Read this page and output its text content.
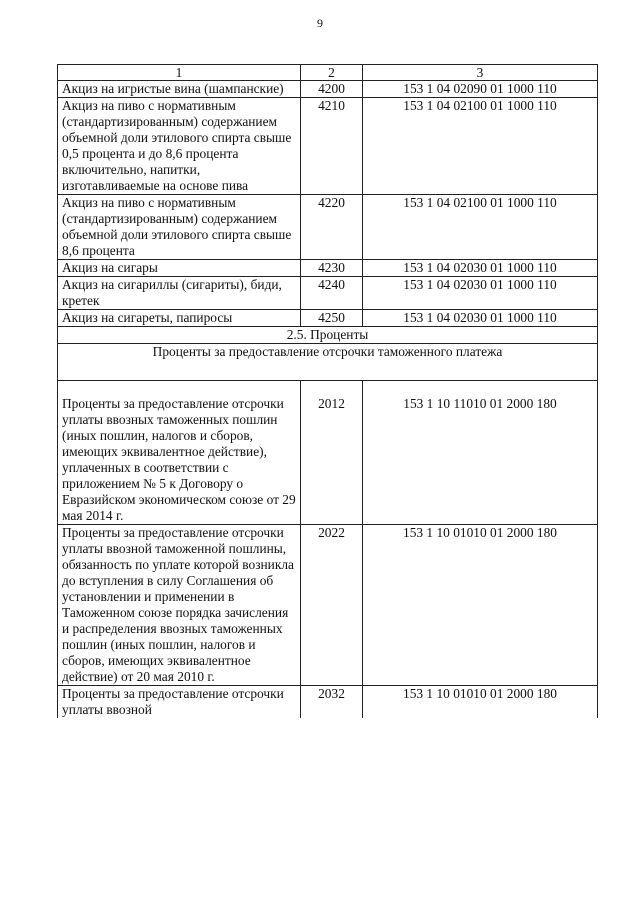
9
1	2	3
Акциз на игристые вина (шампанские)	4200	153 1 04 02090 01 1000 110
Акциз на пиво с нормативным (стандартизированным) содержанием объемной доли этилового спирта свыше 0,5 процента и до 8,6 процента включительно, напитки, изготавливаемые на основе пива	4210	153 1 04 02100 01 1000 110
Акциз на пиво с нормативным (стандартизированным) содержанием объемной доли этилового спирта свыше 8,6 процента	4220	153 1 04 02100 01 1000 110
Акциз на сигары	4230	153 1 04 02030 01 1000 110
Акциз на сигариллы (сигариты), биди, кретек	4240	153 1 04 02030 01 1000 110
Акциз на сигареты, папиросы	4250	153 1 04 02030 01 1000 110
2.5. Проценты		
Проценты за предоставление отсрочки таможенного платежа		
Проценты за предоставление отсрочки уплаты ввозных таможенных пошлин (иных пошлин, налогов и сборов, имеющих эквивалентное действие), уплаченных в соответствии с приложением № 5 к Договору о Евразийском экономическом союзе от 29 мая 2014 г.	2012	153 1 10 11010 01 2000 180
Проценты за предоставление отсрочки уплаты ввозной таможенной пошлины, обязанность по уплате которой возникла до вступления в силу Соглашения об установлении и применении в Таможенном союзе порядка зачисления и распределения ввозных таможенных пошлин (иных пошлин, налогов и сборов, имеющих эквивалентное действие) от 20 мая 2010 г.	2022	153 1 10 01010 01 2000 180
Проценты за предоставление отсрочки уплаты ввозной	2032	153 1 10 01010 01 2000 180
